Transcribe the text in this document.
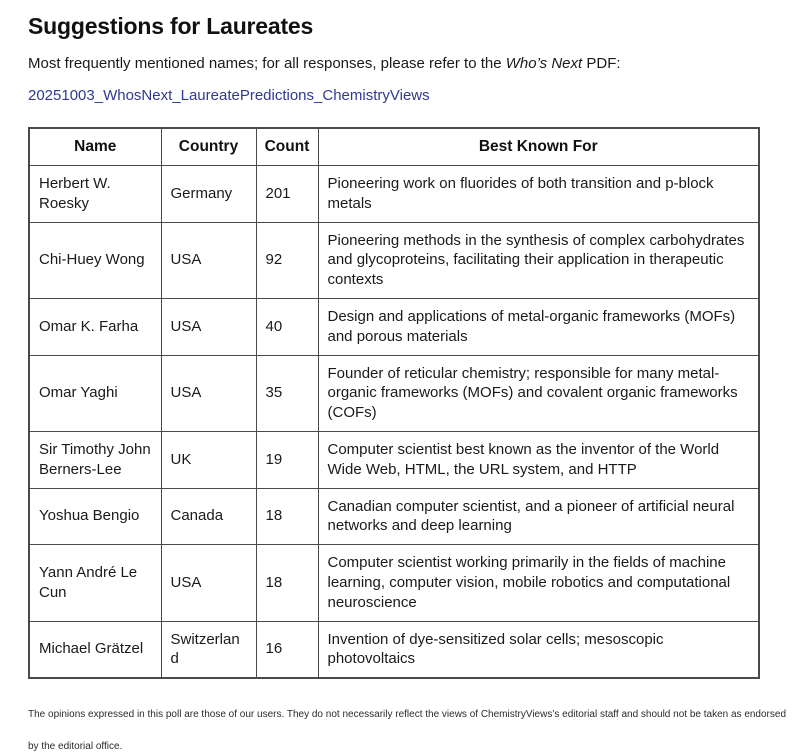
Suggestions for Laureates

Most frequently mentioned names; for all responses, please refer to the Who’s Next PDF:

20251003_WhosNext_LaureatePredictions_ChemistryViews
Name	Country	Count	Best Known For
Herbert W. Roesky	Germany	201	Pioneering work on fluorides of both transition and p-block metals
Chi-Huey Wong	USA	92	Pioneering methods in the synthesis of complex carbohydrates and glycoproteins, facilitating their application in therapeutic contexts
Omar K. Farha	USA	40	Design and applications of metal-organic frameworks (MOFs) and porous materials
Omar Yaghi	USA	35	Founder of reticular chemistry; responsible for many metal-organic frameworks (MOFs) and covalent organic frameworks (COFs)
Sir Timothy John Berners-Lee	UK	19	Computer scientist best known as the inventor of the World Wide Web, HTML, the URL system, and HTTP
Yoshua Bengio	Canada	18	Canadian computer scientist, and a pioneer of artificial neural networks and deep learning
Yann André Le Cun	USA	18	Computer scientist working primarily in the fields of machine learning, computer vision, mobile robotics and computational neuroscience
Michael Grätzel	Switzerland	16	Invention of dye-sensitized solar cells; mesoscopic photovoltaics

The opinions expressed in this poll are those of our users. They do not necessarily reflect the views of ChemistryViews’s editorial staff and should not be taken as endorsed

by the editorial office.
